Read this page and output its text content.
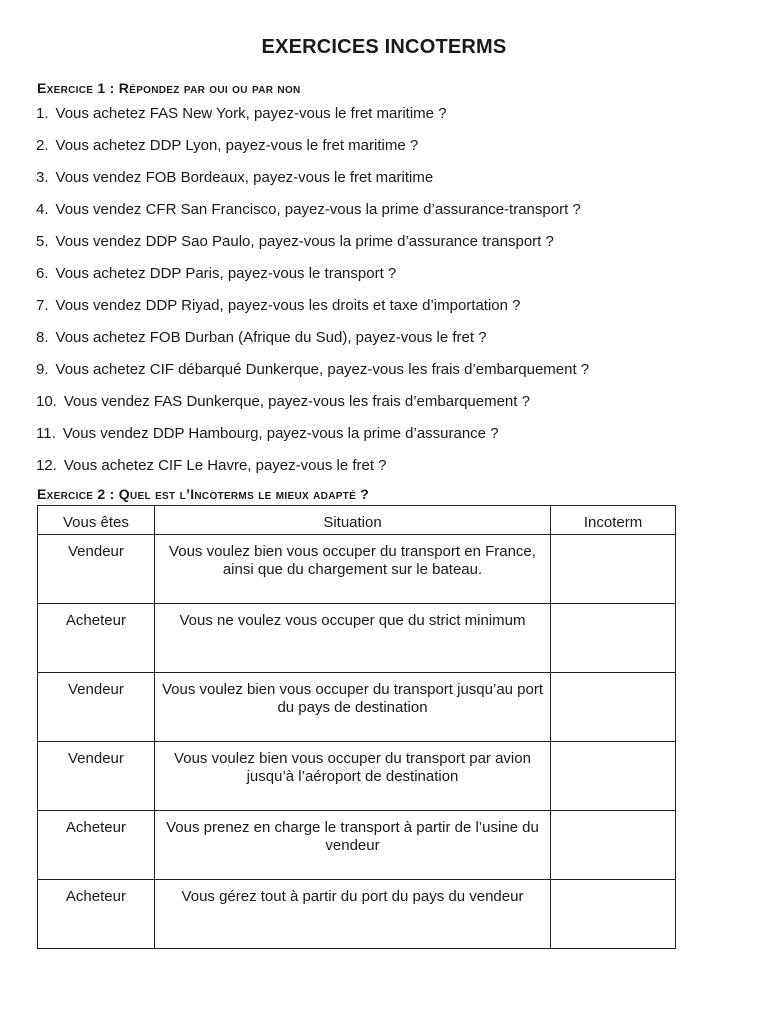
EXERCICES INCOTERMS
Exercice 1 : Répondez par oui ou par non
1. Vous achetez FAS New York, payez-vous le fret maritime ?
2. Vous achetez DDP Lyon, payez-vous le fret maritime ?
3. Vous vendez FOB Bordeaux, payez-vous le fret maritime
4. Vous vendez CFR San Francisco, payez-vous la prime d’assurance-transport ?
5. Vous vendez DDP Sao Paulo, payez-vous la prime d’assurance transport ?
6. Vous achetez DDP Paris, payez-vous le transport ?
7. Vous vendez DDP Riyad, payez-vous les droits et taxe d’importation ?
8. Vous achetez FOB Durban (Afrique du Sud), payez-vous le fret ?
9. Vous achetez CIF débarqué Dunkerque, payez-vous les frais d’embarquement ?
10. Vous vendez FAS Dunkerque, payez-vous les frais d’embarquement ?
11. Vous vendez DDP Hambourg, payez-vous la prime d’assurance ?
12. Vous achetez CIF Le Havre, payez-vous le fret ?
Exercice 2 : Quel est l’Incoterms le mieux adapté ?
Vous êtes	Situation	Incoterm
Vendeur	Vous voulez bien vous occuper du transport en France, ainsi que du chargement sur le bateau.	
Acheteur	Vous ne voulez vous occuper que du strict minimum	
Vendeur	Vous voulez bien vous occuper du transport jusqu’au port du pays de destination	
Vendeur	Vous voulez bien vous occuper du transport par avion jusqu’à l’aéroport de destination	
Acheteur	Vous prenez en charge le transport à partir de l’usine du vendeur	
Acheteur	Vous gérez tout à partir du port du pays du vendeur	
